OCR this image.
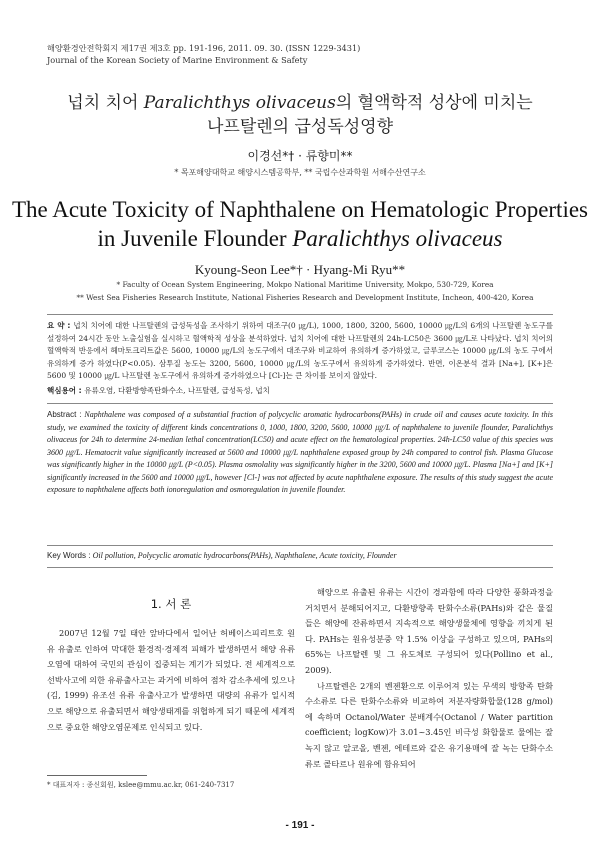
해양환경안전학회지 제17권 제3호 pp. 191-196, 2011. 09. 30. (ISSN 1229-3431)
Journal of the Korean Society of Marine Environment & Safety
넙치 치어 Paralichthys olivaceus의 혈액학적 성상에 미치는
나프탈렌의 급성독성영향
이경선*† · 류향미**
* 목포해양대학교 해양시스템공학부, ** 국립수산과학원 서해수산연구소
The Acute Toxicity of Naphthalene on Hematologic Properties
in Juvenile Flounder Paralichthys olivaceus
Kyoung-Seon Lee*† · Hyang-Mi Ryu**
* Faculty of Ocean System Engineering, Mokpo National Maritime University, Mokpo, 530-729, Korea
** West Sea Fisheries Research Institute, National Fisheries Research and Development Institute, Incheon, 400-420, Korea
요 약 : 넙치 치어에 대한 나프탈렌의 급성독성을 조사하기 위하여 대조구(0 ㎍/L), 1000, 1800, 3200, 5600, 10000 ㎍/L의 6개의 나프탈렌 농도구를 설정하여 24시간 동안 노출실험을 실시하고 혈액학적 성상을 분석하였다. 넙치 치어에 대한 나프탈렌의 24h-LC50은 3600 ㎍/L로 나타났다. 넙치 치어의 혈액학적 반응에서 헤마토크리트값은 5600, 10000 ㎍/L의 농도구에서 대조구와 비교하여 유의하게 증가하였고, 글루코스는 10000 ㎍/L의 농도 구에서 유의하게 증가 하였다(P<0.05). 삼투질 농도는 3200, 5600, 10000 ㎍/L의 농도구에서 유의하게 증가하였다. 반면, 이온분석 결과 [Na+], [K+]은 5600 및 10000 ㎍/L 나프탈렌 농도구에서 유의하게 증가하였으나 [Cl-]는 큰 차이를 보이지 않았다.
핵심용어 : 유류오염, 다환방향족탄화수소, 나프탈렌, 급성독성, 넙치
Abstract : Naphthalene was composed of a substantial fraction of polycyclic aromatic hydrocarbons(PAHs) in crude oil and causes acute toxicity. In this study, we examined the toxicity of different kinds concentrations 0, 1000, 1800, 3200, 5600, 10000 ㎍/L of naphthalene to juvenile flounder, Paralichthys olivaceus for 24h to determine 24-median lethal concentration(LC50) and acute effect on the hematological properties. 24h-LC50 value of this species was 3600 ㎍/L. Hematocrit value significantly increased at 5600 and 10000 ㎍/L naphthalene exposed group by 24h compared to control fish. Plasma Glucose was significantly higher in the 10000 ㎍/L (P<0.05). Plasma osmolality was significantly higher in the 3200, 5600 and 10000 ㎍/L. Plasma [Na+] and [K+] significantly increased in the 5600 and 10000 ㎍/L, however [Cl-] was not affected by acute naphthalene exposure. The results of this study suggest the acute exposure to naphthalene affects both ionoregulation and osmoregulation in juvenile flounder.
Key Words : Oil pollution, Polycyclic aromatic hydrocarbons(PAHs), Naphthalene, Acute toxicity, Flounder
1. 서 론

2007년 12월 7일 태안 앞바다에서 일어난 허베이스피리트호 원유 유출로 인하여 막대한 환경적·경제적 피해가 발생하면서 해양 유류오염에 대하여 국민의 관심이 집중되는 계기가 되었다. 전 세계적으로 선박사고에 의한 유류출사고는 과거에 비하여 점차 감소추세에 있으나(김, 1999) 유조선 유류 유출사고가 발생하면 대량의 유류가 일시적으로 해양으로 유출되면서 해양생태계를 위협하게 되기 때문에 세계적으로 중요한 해양오염문제로 인식되고 있다.

해양으로 유출된 유류는 시간이 경과함에 따라 다양한 풍화과정을 거치면서 분해되어지고, 다환방향족 탄화수소류(PAHs)와 같은 물질들은 해양에 잔류하면서 지속적으로 해양생물체에 영향을 끼치게 된다. PAHs는 원유성분중 약 1.5% 이상을 구성하고 있으며, PAHs의 65%는 나프탈렌 및 그 유도체로 구성되어 있다(Pollino et al., 2009).

나프탈렌은 2개의 벤젠환으로 이루어져 있는 무색의 방향족 탄화수소류로 다른 탄화수소류와 비교하여 저분자량화합물(128 g/mol)에 속하며 Octanol/Water 분배계수(Octanol / Water partition coefficient; logKow)가 3.01~3.45인 비극성 화합물로 물에는 잘 녹지 않고 알코올, 벤젠, 에테르와 같은 유기용매에 잘 녹는 단화수소류로 콜타르나 원유에 함유되어

* 대표저자 : 종신회원, kslee@mmu.ac.kr, 061-240-7317
- 191 -
